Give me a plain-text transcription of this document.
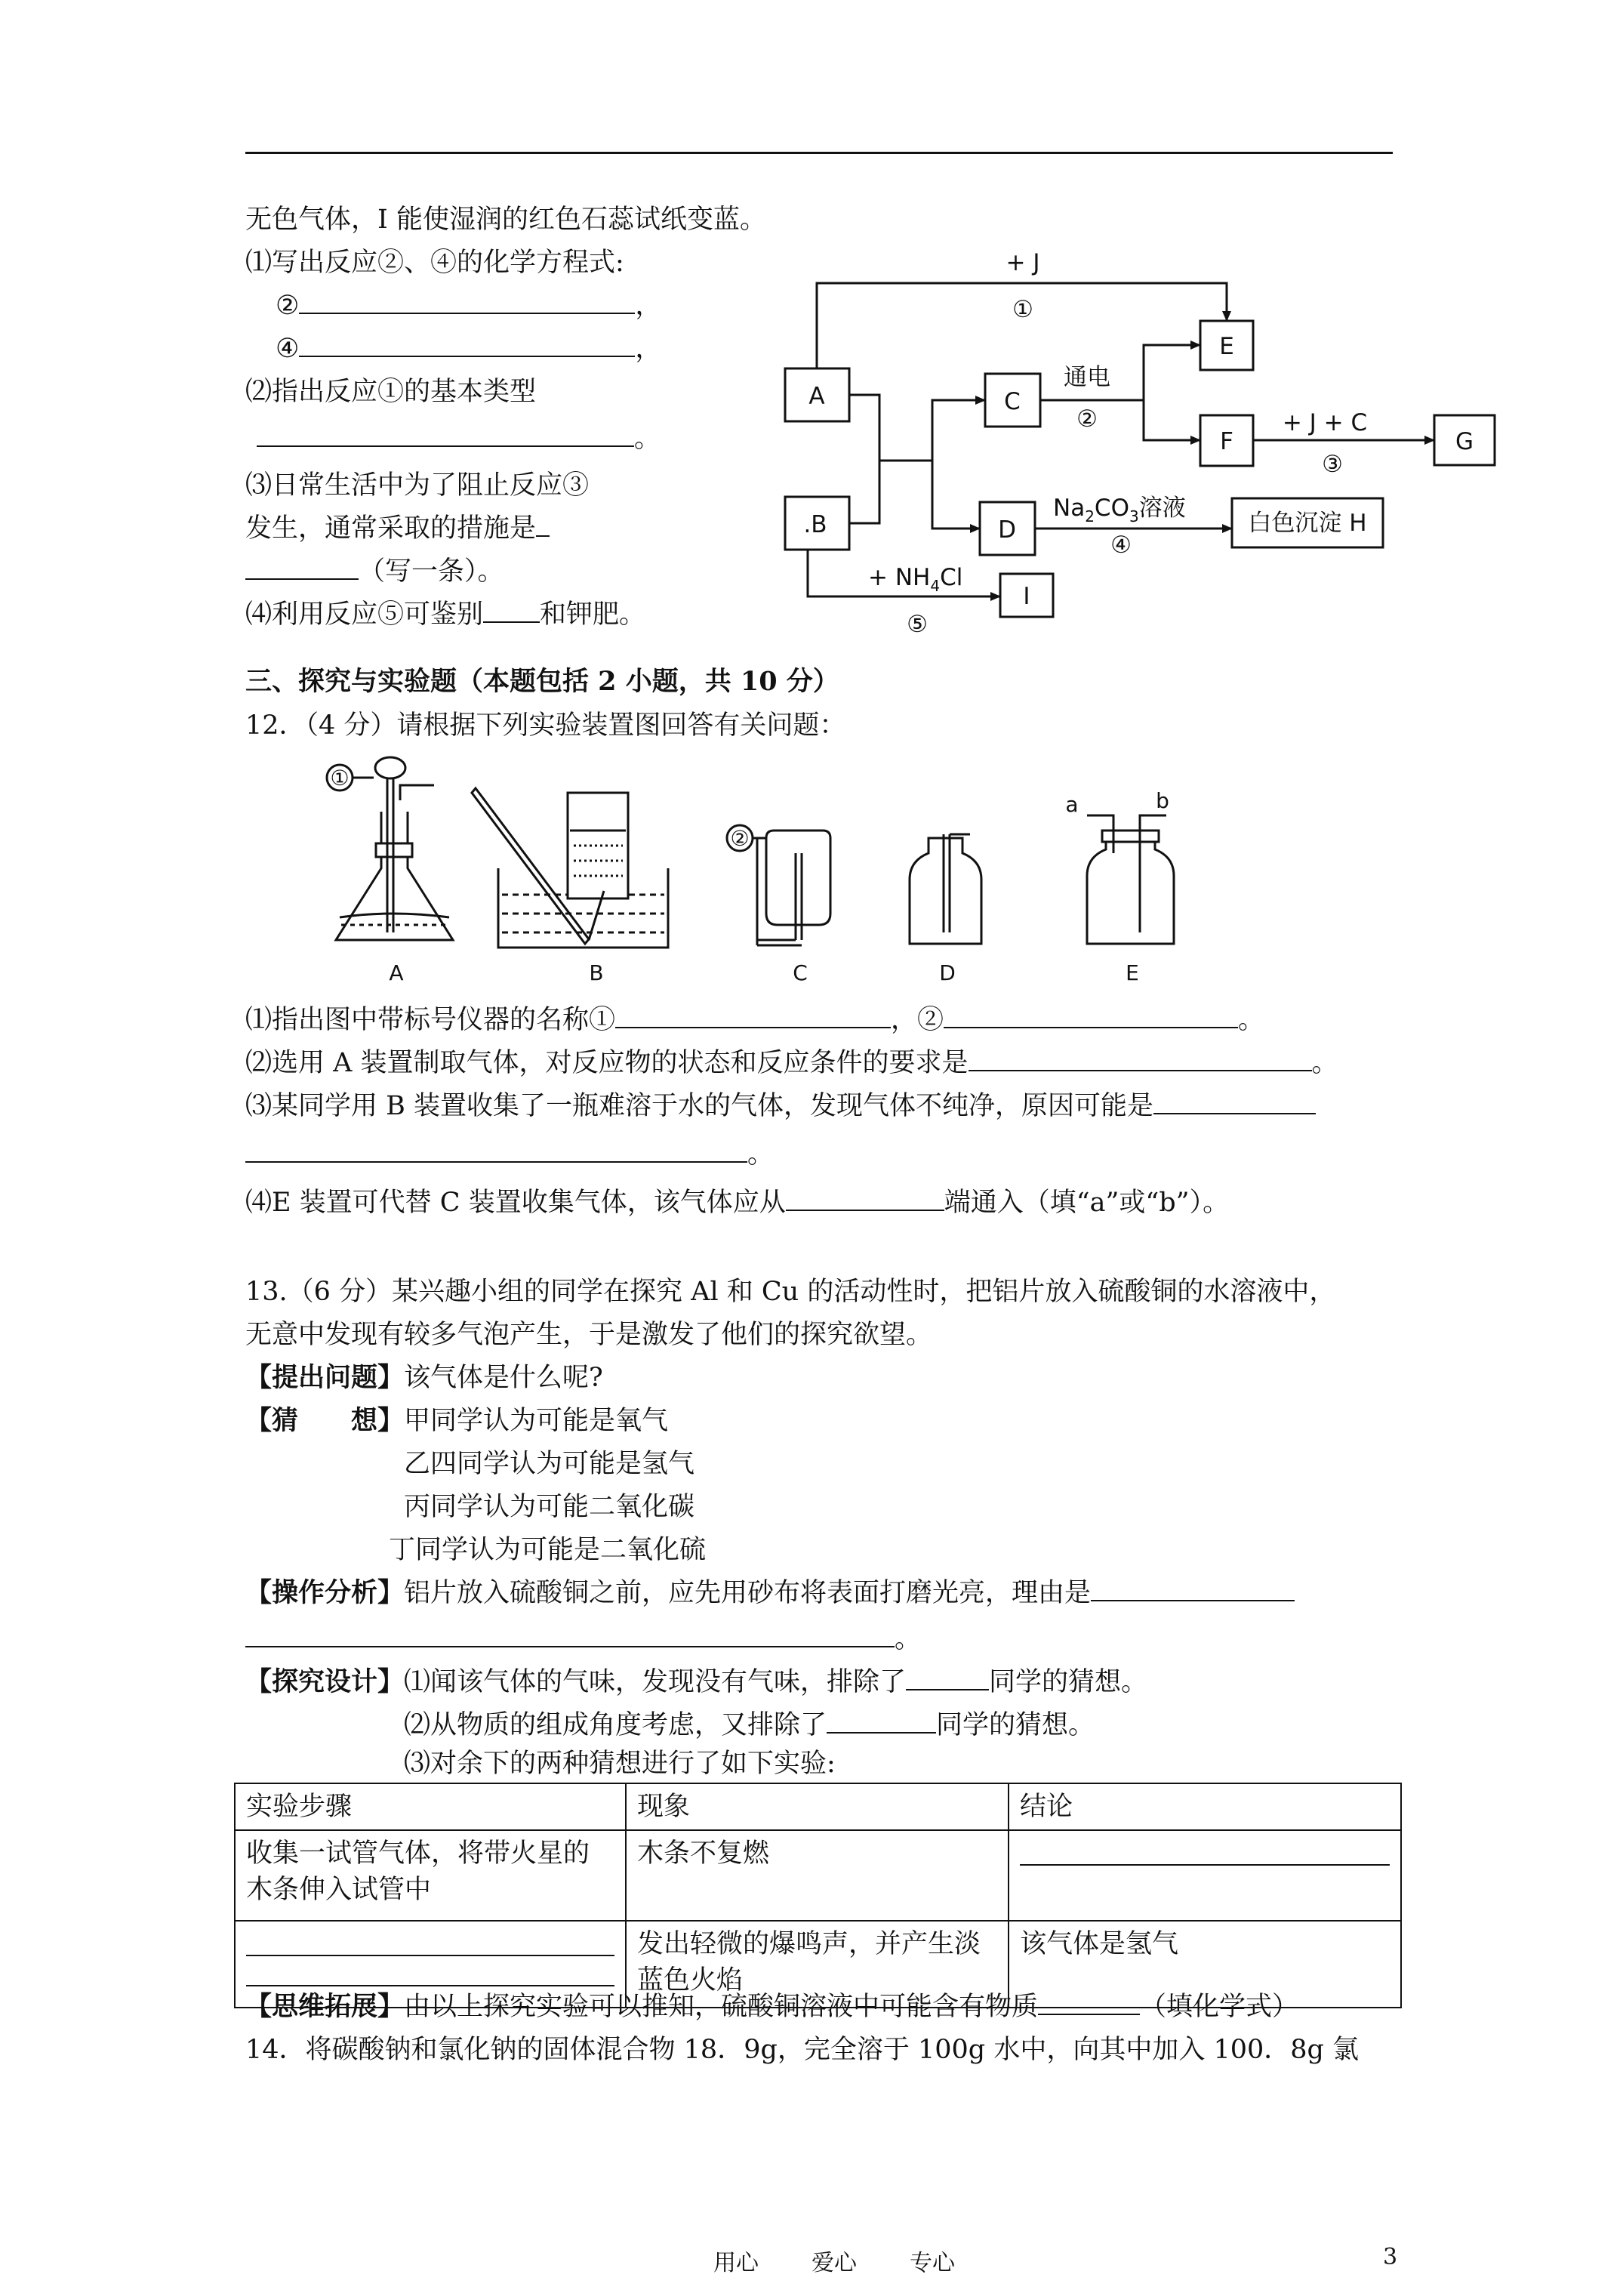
无色气体，I 能使湿润的红色石蕊试纸变蓝。
⑴写出反应②、④的化学方程式:
②	，
④	，
⑵指出反应①的基本类型
。
⑶日常生活中为了阻止反应③
发生，通常采取的措施是
（写一条）。
⑷利用反应⑤可鉴别 和钾肥。
A
.B
C
D
E
F	G
白色沉淀 H
I
+ J
①
通电
②	+ J + C
③
$Na_2CO_3$溶液
④
+ $NH_4Cl$
⑤
三、探究与实验题（本题包括 2 小题，共 10 分）
12．（4 分）请根据下列实验装置图回答有关问题：
①
②
a	b
A	B	C	D	E
⑴指出图中带标号仪器的名称①	，②	。
⑵选用 A 装置制取气体，对反应物的状态和反应条件的要求是	。
⑶某同学用 B 装置收集了一瓶难溶于水的气体，发现气体不纯净，原因可能是
。
⑷E 装置可代替 C 装置收集气体，该气体应从	端通入（填“a”或“b”）。
13.（6 分）某兴趣小组的同学在探究 Al 和 Cu 的活动性时，把铝片放入硫酸铜的水溶液中，
无意中发现有较多气泡产生，于是激发了他们的探究欲望。
【提出问题】该气体是什么呢?
【猜　　想】甲同学认为可能是氧气
乙四同学认为可能是氢气
丙同学认为可能二氧化碳
丁同学认为可能是二氧化硫
【操作分析】铝片放入硫酸铜之前，应先用砂布将表面打磨光亮，理由是
。
【探究设计】⑴闻该气体的气味，发现没有气味，排除了	同学的猜想。
⑵从物质的组成角度考虑，又排除了	同学的猜想。
⑶对余下的两种猜想进行了如下实验:
实验步骤	现象	结论
收集一试管气体，将带火星的木条伸入试管中	木条不复燃	

	发出轻微的爆鸣声，并产生淡蓝色火焰	该气体是氢气
【思维拓展】由以上探究实验可以推知，硫酸铜溶液中可能含有物质	（填化学式）
14．将碳酸钠和氯化钠的固体混合物 18．9g，完全溶于 100g 水中，向其中加入 100．8g 氯
用心 爱心 专心	3
